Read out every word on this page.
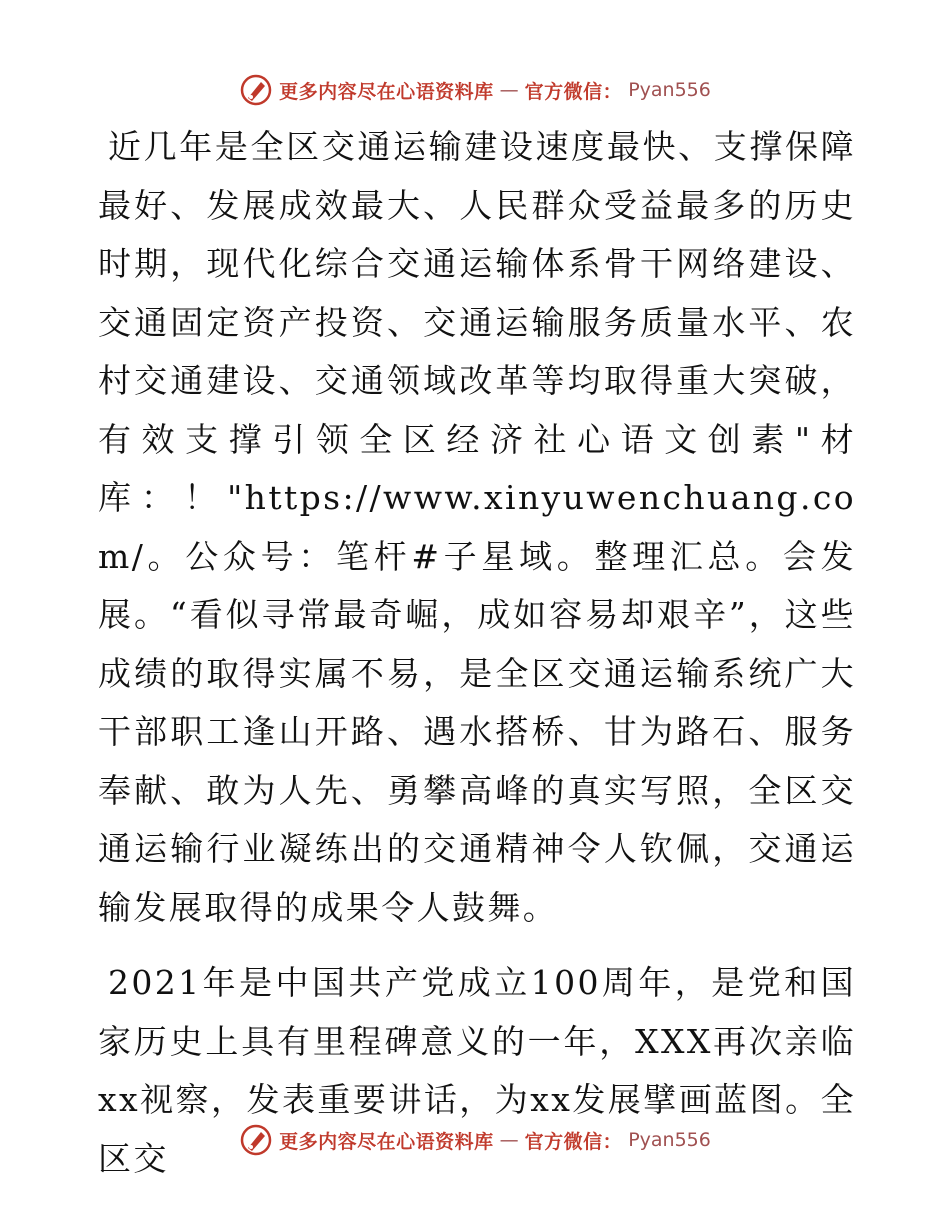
更多内容尽在心语资料库 — 官方微信： Pyan556

近几年是全区交通运输建设速度最快、支撑保障最好、发展成效最大、人民群众受益最多的历史时期，现代化综合交通运输体系骨干网络建设、交通固定资产投资、交通运输服务质量水平、农村交通建设、交通领域改革等均取得重大突破，有效支撑引领全区经济社心语文创素"材库：！"https://www.xinyuwenchuang.com/。公众号：笔杆#子星域。整理汇总。会发展。“看似寻常最奇崛，成如容易却艰辛”，这些成绩的取得实属不易，是全区交通运输系统广大干部职工逢山开路、遇水搭桥、甘为路石、服务奉献、敢为人先、勇攀高峰的真实写照，全区交通运输行业凝练出的交通精神令人钦佩，交通运输发展取得的成果令人鼓舞。

2021年是中国共产党成立100周年，是党和国家历史上具有里程碑意义的一年，XXX再次亲临xx视察，发表重要讲话，为xx发展擘画蓝图。全区交	更多内容尽在心语资料库 — 官方微信： Pyan556
